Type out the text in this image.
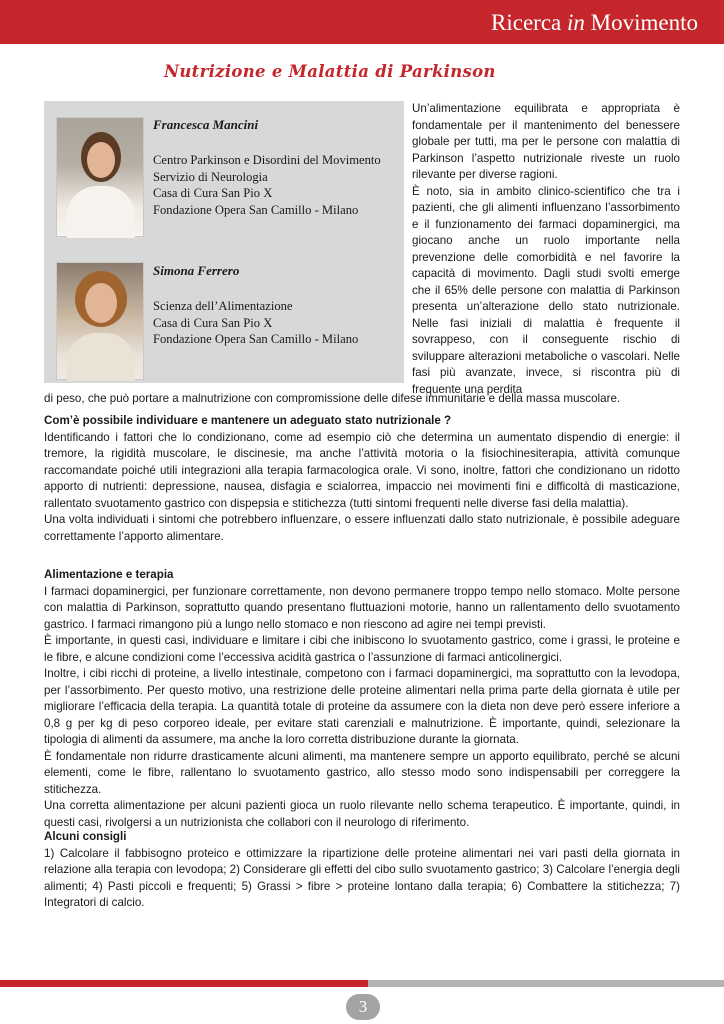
Ricerca in Movimento
Nutrizione e Malattia di Parkinson
Francesca Mancini
Centro Parkinson e Disordini del Movimento
Servizio di Neurologia
Casa di Cura San Pio X
Fondazione Opera San Camillo - Milano
Simona Ferrero
Scienza dell’Alimentazione
Casa di Cura San Pio X
Fondazione Opera San Camillo - Milano

Un’alimentazione equilibrata e appropriata è fondamentale per il mantenimento del benessere globale per tutti, ma per le persone con malattia di Parkinson l’aspetto nutrizionale riveste un ruolo rilevante per diverse ragioni.

È noto, sia in ambito clinico-scientifico che tra i pazienti, che gli alimenti influenzano l’assorbimento e il funzionamento dei farmaci dopaminergici, ma giocano anche un ruolo importante nella prevenzione delle comorbidità e nel favorire la capacità di movimento. Dagli studi svolti emerge che il 65% delle persone con malattia di Parkinson presenta un’alterazione dello stato nutrizionale. Nelle fasi iniziali di malattia è frequente il sovrappeso, con il conseguente rischio di sviluppare alterazioni metaboliche o vascolari. Nelle fasi più avanzate, invece, si riscontra più di frequente una perdita

di peso, che può portare a malnutrizione con compromissione delle difese immunitarie e della massa muscolare.
Com’è possibile individuare e mantenere un adeguato stato nutrizionale ?

Identificando i fattori che lo condizionano, come ad esempio ciò che determina un aumentato dispendio di energie: il tremore, la rigidità muscolare, le discinesie, ma anche l’attività motoria o la fisiochinesiterapia, attività comunque raccomandate poiché utili integrazioni alla terapia farmacologica orale. Vi sono, inoltre, fattori che condizionano un ridotto apporto di nutrienti: depressione, nausea, disfagia e scialorrea, impaccio nei movimenti fini e difficoltà di masticazione, rallentato svuotamento gastrico con dispepsia e stitichezza (tutti sintomi frequenti nelle diverse fasi della malattia).

Una volta individuati i sintomi che potrebbero influenzare, o essere influenzati dallo stato nutrizionale, è possibile adeguare correttamente l’apporto alimentare.

Alimentazione e terapia

I farmaci dopaminergici, per funzionare correttamente, non devono permanere troppo tempo nello stomaco. Molte persone con malattia di Parkinson, soprattutto quando presentano fluttuazioni motorie, hanno un rallentamento dello svuotamento gastrico. I farmaci rimangono più a lungo nello stomaco e non riescono ad agire nei tempi previsti.

È importante, in questi casi, individuare e limitare i cibi che inibiscono lo svuotamento gastrico, come i grassi, le proteine e le fibre, e alcune condizioni come l’eccessiva acidità gastrica o l’assunzione di farmaci anticolinergici.

Inoltre, i cibi ricchi di proteine, a livello intestinale, competono con i farmaci dopaminergici, ma soprattutto con la levodopa, per l’assorbimento. Per questo motivo, una restrizione delle proteine alimentari nella prima parte della giornata è utile per migliorare l’efficacia della terapia. La quantità totale di proteine da assumere con la dieta non deve però essere inferiore a 0,8 g per kg di peso corporeo ideale, per evitare stati carenziali e malnutrizione. È importante, quindi, selezionare la tipologia di alimenti da assumere, ma anche la loro corretta distribuzione durante la giornata.

È fondamentale non ridurre drasticamente alcuni alimenti, ma mantenere sempre un apporto equilibrato, perché se alcuni elementi, come le fibre, rallentano lo svuotamento gastrico, allo stesso modo sono indispensabili per correggere la stitichezza.

Una corretta alimentazione per alcuni pazienti gioca un ruolo rilevante nello schema terapeutico. È importante, quindi, in questi casi, rivolgersi a un nutrizionista che collabori con il neurologo di riferimento.

Alcuni consigli

1) Calcolare il fabbisogno proteico e ottimizzare la ripartizione delle proteine alimentari nei vari pasti della giornata in relazione alla terapia con levodopa; 2) Considerare gli effetti del cibo sullo svuotamento gastrico; 3) Calcolare l’energia degli alimenti; 4) Pasti piccoli e frequenti; 5) Grassi > fibre > proteine lontano dalla terapia; 6) Combattere la stitichezza; 7) Integratori di calcio.

3
